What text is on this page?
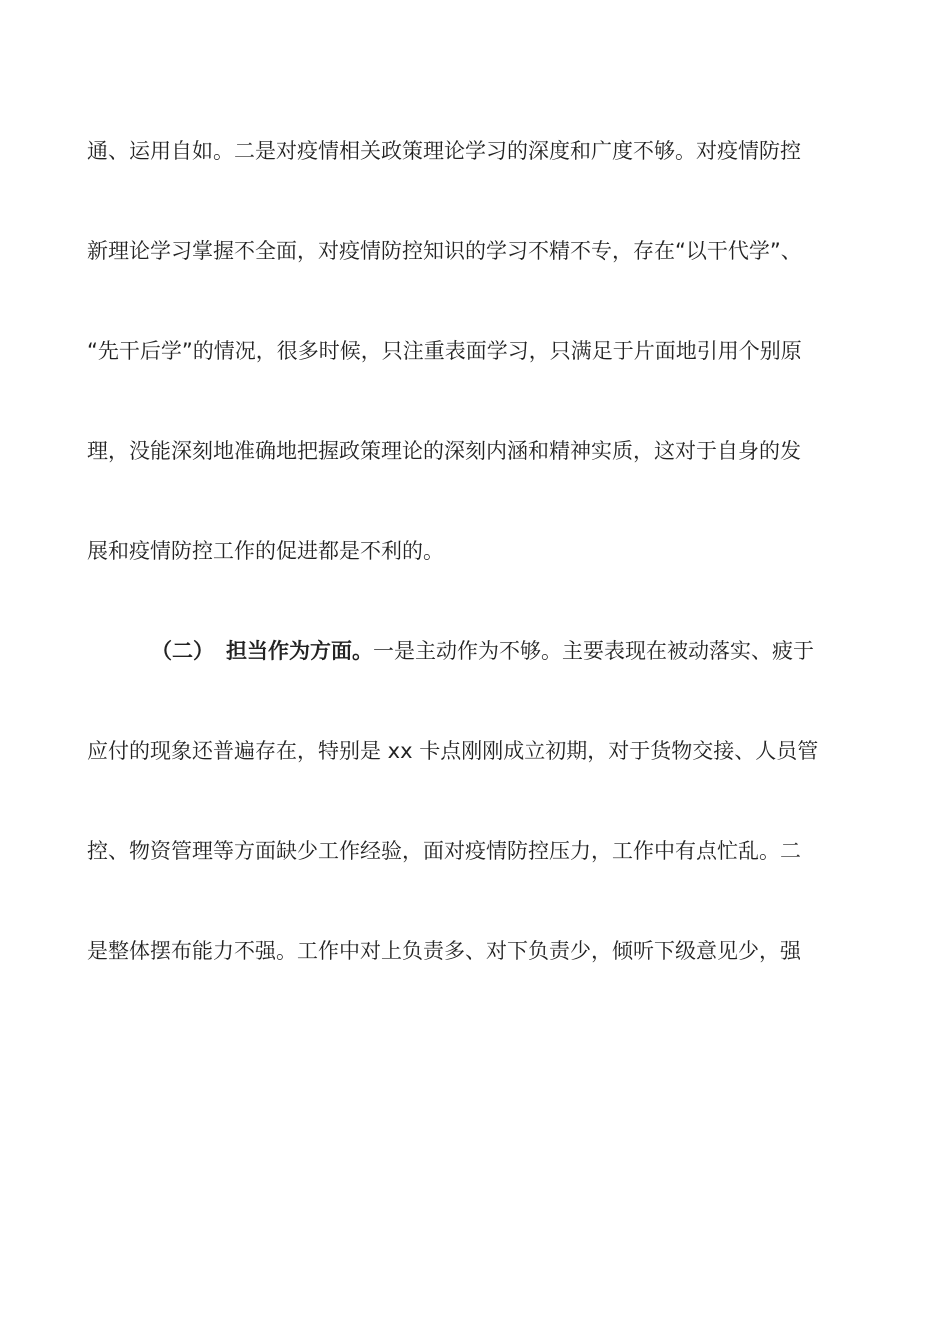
通、运用自如。二是对疫情相关政策理论学习的深度和广度不够。对疫情防控
新理论学习掌握不全面，对疫情防控知识的学习不精不专，存在“以干代学”、
“先干后学”的情况，很多时候，只注重表面学习，只满足于片面地引用个别原
理，没能深刻地准确地把握政策理论的深刻内涵和精神实质，这对于自身的发
展和疫情防控工作的促进都是不利的。
（二） 担当作为方面。一是主动作为不够。主要表现在被动落实、疲于
应付的现象还普遍存在，特别是 xx 卡点刚刚成立初期，对于货物交接、人员管
控、物资管理等方面缺少工作经验，面对疫情防控压力，工作中有点忙乱。二
是整体摆布能力不强。工作中对上负责多、对下负责少，倾听下级意见少，强
